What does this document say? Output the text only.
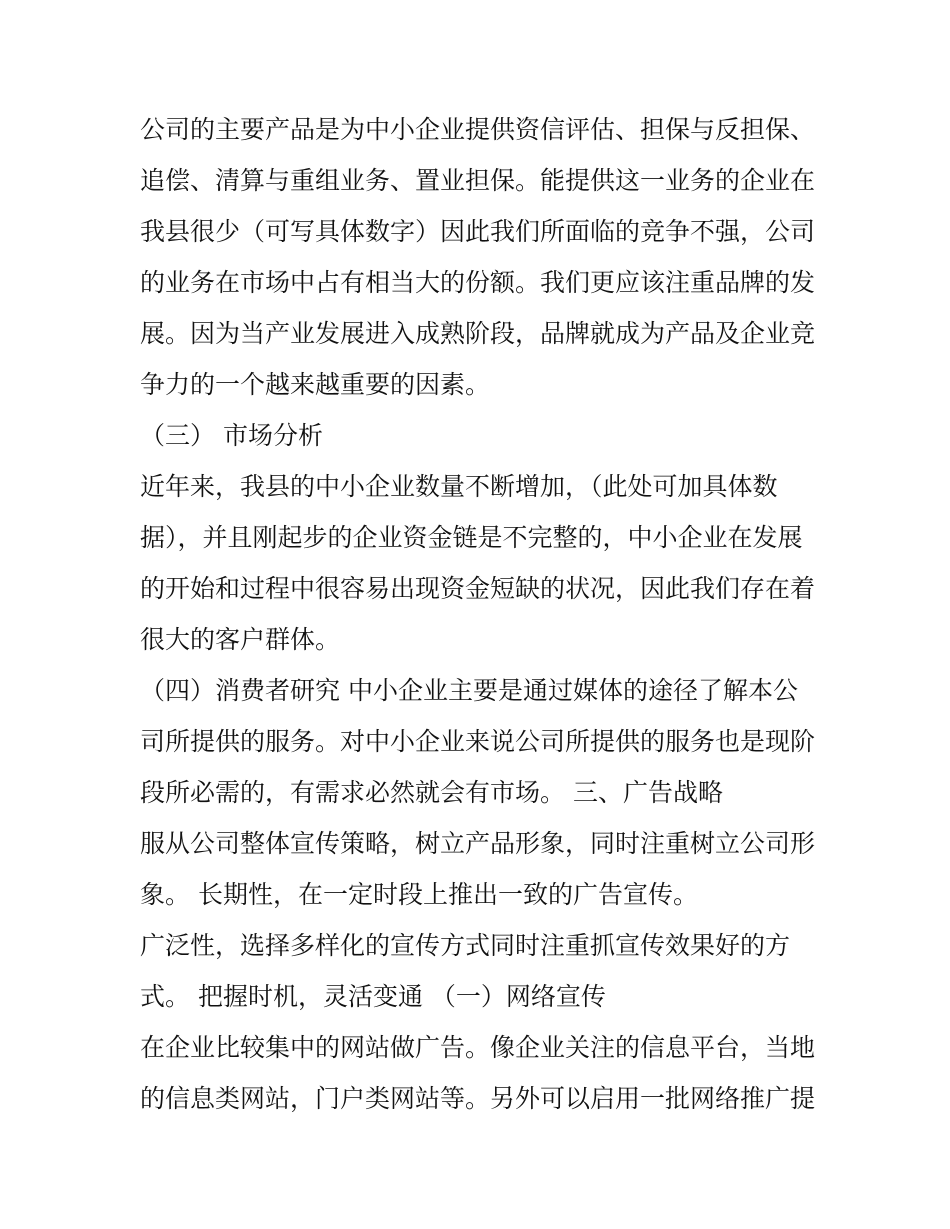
公司的主要产品是为中小企业提供资信评估、担保与反担保、
追偿、清算与重组业务、置业担保。能提供这一业务的企业在
我县很少（可写具体数字）因此我们所面临的竞争不强，公司
的业务在市场中占有相当大的份额。我们更应该注重品牌的发
展。因为当产业发展进入成熟阶段，品牌就成为产品及企业竞
争力的一个越来越重要的因素。
（三） 市场分析
近年来，我县的中小企业数量不断增加，（此处可加具体数
据），并且刚起步的企业资金链是不完整的，中小企业在发展
的开始和过程中很容易出现资金短缺的状况，因此我们存在着
很大的客户群体。
（四）消费者研究 中小企业主要是通过媒体的途径了解本公
司所提供的服务。对中小企业来说公司所提供的服务也是现阶
段所必需的，有需求必然就会有市场。 三、广告战略
服从公司整体宣传策略，树立产品形象，同时注重树立公司形
象。 长期性，在一定时段上推出一致的广告宣传。
广泛性，选择多样化的宣传方式同时注重抓宣传效果好的方
式。 把握时机，灵活变通 （一）网络宣传
在企业比较集中的网站做广告。像企业关注的信息平台，当地
的信息类网站，门户类网站等。另外可以启用一批网络推广提
